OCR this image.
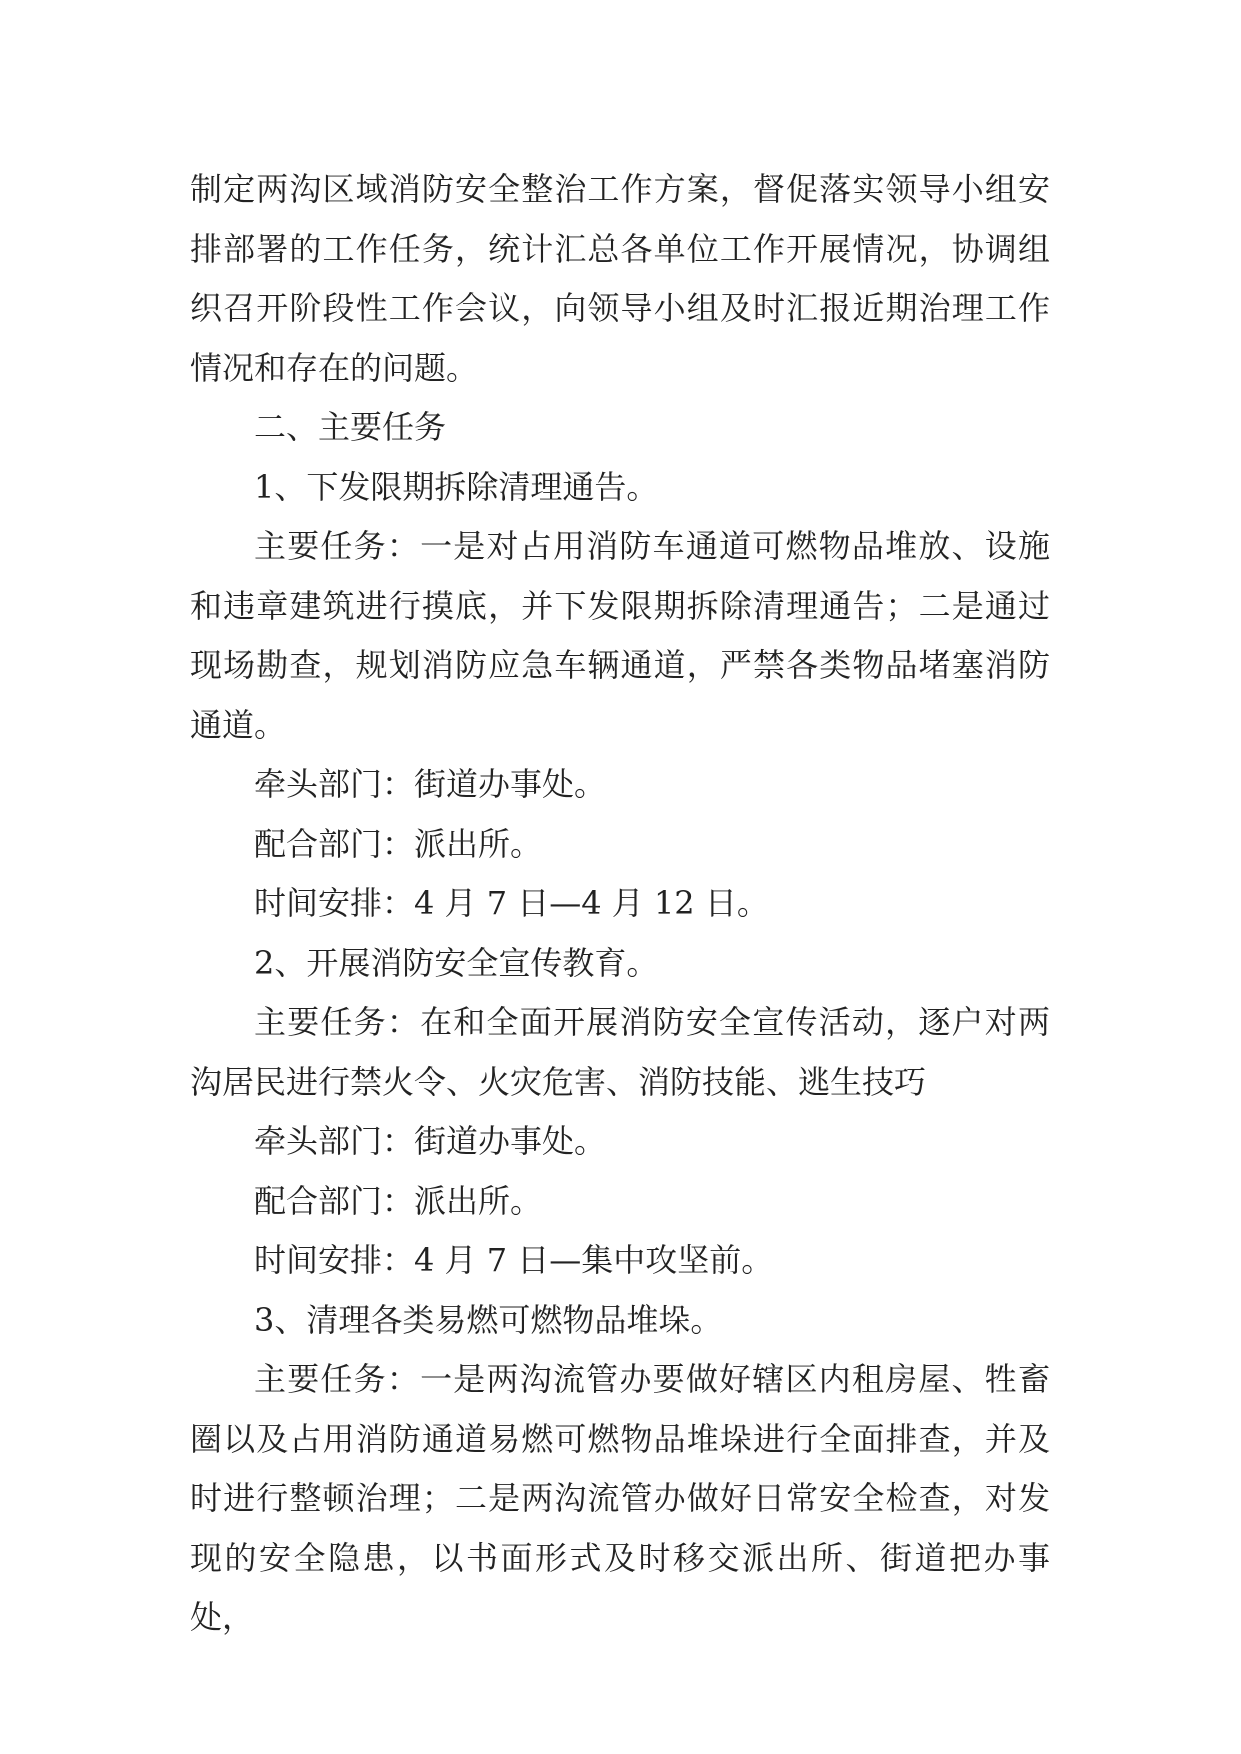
制定两沟区域消防安全整治工作方案，督促落实领导小组安排部署的工作任务，统计汇总各单位工作开展情况，协调组织召开阶段性工作会议，向领导小组及时汇报近期治理工作情况和存在的问题。

二、主要任务

1、下发限期拆除清理通告。

主要任务：一是对占用消防车通道可燃物品堆放、设施和违章建筑进行摸底，并下发限期拆除清理通告；二是通过现场勘查，规划消防应急车辆通道，严禁各类物品堵塞消防通道。

牵头部门：街道办事处。

配合部门：派出所。

时间安排：4 月 7 日—4 月 12 日。

2、开展消防安全宣传教育。

主要任务：在和全面开展消防安全宣传活动，逐户对两沟居民进行禁火令、火灾危害、消防技能、逃生技巧

牵头部门：街道办事处。

配合部门：派出所。

时间安排：4 月 7 日—集中攻坚前。

3、清理各类易燃可燃物品堆垛。

主要任务：一是两沟流管办要做好辖区内租房屋、牲畜圈以及占用消防通道易燃可燃物品堆垛进行全面排查，并及时进行整顿治理；二是两沟流管办做好日常安全检查，对发现的安全隐患，以书面形式及时移交派出所、街道把办事处，
